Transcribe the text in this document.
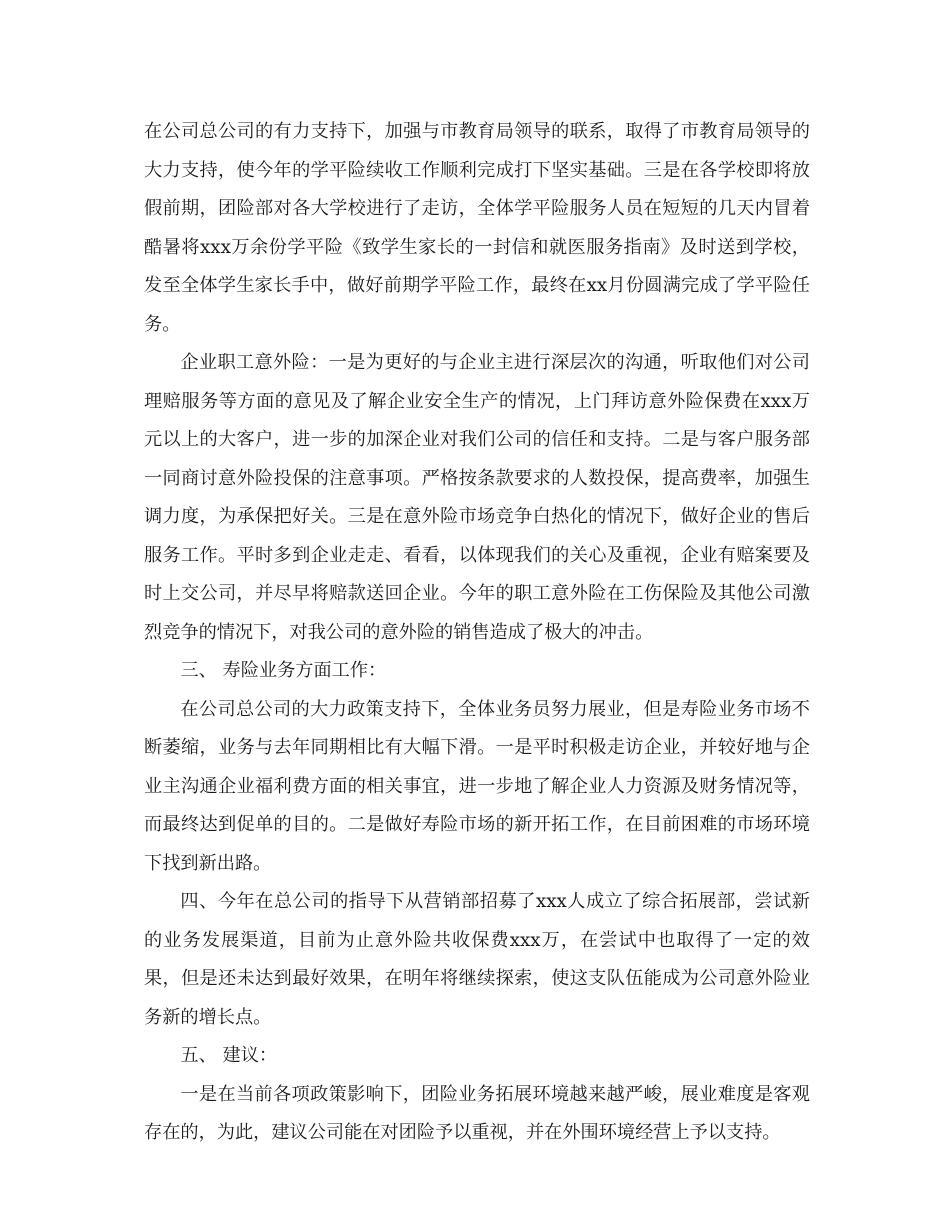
在公司总公司的有力支持下，加强与市教育局领导的联系，取得了市教育局领导的大力支持，使今年的学平险续收工作顺利完成打下坚实基础。三是在各学校即将放假前期，团险部对各大学校进行了走访，全体学平险服务人员在短短的几天内冒着酷暑将xxx万余份学平险《致学生家长的一封信和就医服务指南》及时送到学校，发至全体学生家长手中，做好前期学平险工作，最终在xx月份圆满完成了学平险任务。

企业职工意外险：一是为更好的与企业主进行深层次的沟通，听取他们对公司理赔服务等方面的意见及了解企业安全生产的情况，上门拜访意外险保费在xxx万元以上的大客户，进一步的加深企业对我们公司的信任和支持。二是与客户服务部一同商讨意外险投保的注意事项。严格按条款要求的人数投保，提高费率，加强生调力度，为承保把好关。三是在意外险市场竞争白热化的情况下，做好企业的售后服务工作。平时多到企业走走、看看，以体现我们的关心及重视，企业有赔案要及时上交公司，并尽早将赔款送回企业。今年的职工意外险在工伤保险及其他公司激烈竞争的情况下，对我公司的意外险的销售造成了极大的冲击。

三、 寿险业务方面工作：

在公司总公司的大力政策支持下，全体业务员努力展业，但是寿险业务市场不断萎缩，业务与去年同期相比有大幅下滑。一是平时积极走访企业，并较好地与企业主沟通企业福利费方面的相关事宜，进一步地了解企业人力资源及财务情况等，而最终达到促单的目的。二是做好寿险市场的新开拓工作，在目前困难的市场环境下找到新出路。

四、今年在总公司的指导下从营销部招募了xxx人成立了综合拓展部，尝试新的业务发展渠道，目前为止意外险共收保费xxx万，在尝试中也取得了一定的效果，但是还未达到最好效果，在明年将继续探索，使这支队伍能成为公司意外险业务新的增长点。

五、 建议：

一是在当前各项政策影响下，团险业务拓展环境越来越严峻，展业难度是客观存在的，为此，建议公司能在对团险予以重视，并在外围环境经营上予以支持。
